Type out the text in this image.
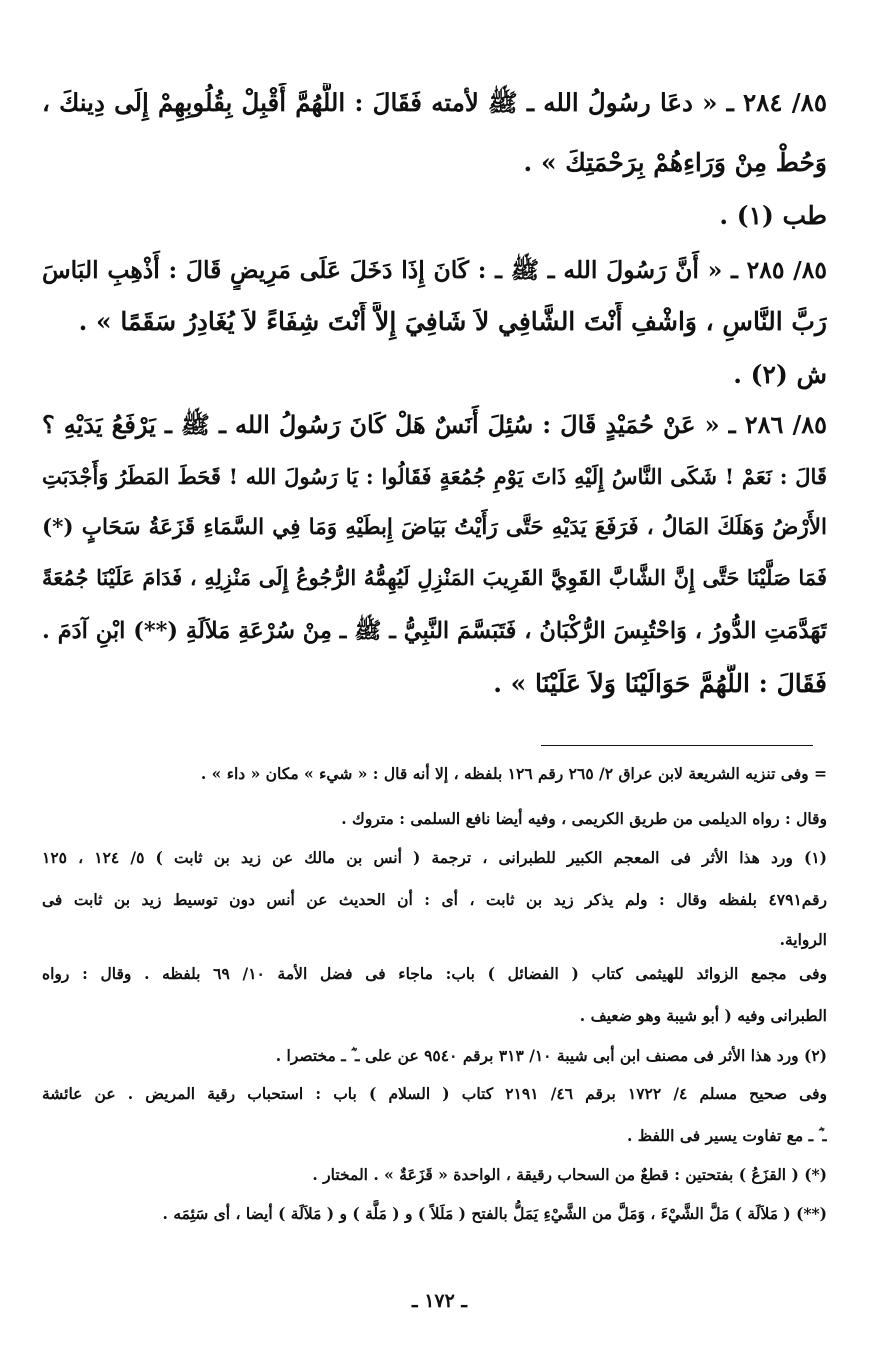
٨٥/ ٢٨٤ ـ « دعَا رسُولُ الله ـ ﷺ لأمته فَقَالَ : اللَّهُمَّ أَقْبِلْ بِقُلُوبِهِمْ إِلَى دِينكَ ،
وَحُطْ مِنْ وَرَاءِهُمْ بِرَحْمَتِكَ » .
طب (١) .
٨٥/ ٢٨٥ ـ « أَنَّ رَسُولَ الله ـ ﷺ ـ : كَانَ إِذَا دَخَلَ عَلَى مَرِيضٍ قَالَ : أَذْهِبِ البَاسَ
رَبَّ النَّاسِ ، وَاشْفِ أَنْتَ الشَّافِي لاَ شَافِيَ إِلاَّ أَنْتَ شِفَاءً لاَ يُغَادِرُ سَقَمًا » .
ش (٢) .
٨٥/ ٢٨٦ ـ « عَنْ حُمَيْدٍ قَالَ : سُئِلَ أَنَسٌ هَلْ كَانَ رَسُولُ الله ـ ﷺ ـ يَرْفَعُ يَدَيْهِ ؟
قَالَ : نَعَمْ ! شَكَى النَّاسُ إِلَيْهِ ذَاتَ يَوْمِ جُمُعَةٍ فَقَالُوا : يَا رَسُولَ الله ! قَحَطَ المَطَرُ وَأَجْدَبَتِ
الأَرْضُ وَهَلَكَ المَالُ ، فَرَفَعَ يَدَيْهِ حَتَّى رَأَيْتُ بَيَاضَ إِبطَيْهِ وَمَا فِي السَّمَاءِ قَزَعَةُ سَحَابٍ (*)
فَمَا صَلَّيْنَا حَتَّى إِنَّ الشَّابَّ القَوِيَّ القَرِيبَ المَنْزِلِ لَيُهِمُّهُ الرُّجُوعُ إِلَى مَنْزِلِهِ ، فَدَامَ عَلَيْنَا جُمُعَةً
تَهَدَّمَتِ الدُّورُ ، وَاحْتُبِسَ الرُّكْبَانُ ، فَتَبَسَّمَ النَّبِيُّ ـ ﷺ ـ مِنْ سُرْعَةِ مَلاَلَةِ (**) ابْنِ آدَمَ .
فَقَالَ : اللَّهُمَّ حَوَالَيْنَا وَلاَ عَلَيْنَا » .
= وفى تنزيه الشريعة لابن عراق ٢/ ٢٦٥ رقم ١٢٦ بلفظه ، إلا أنه قال : « شيء » مكان « داء » .
وقال : رواه الديلمى من طريق الكريمى ، وفيه أيضا نافع السلمى : متروك .
(١) ورد هذا الأثر فى المعجم الكبير للطبرانى ، ترجمة ( أنس بن مالك عن زيد بن ثابت ) ٥/ ١٢٤ ، ١٢٥
رقم٤٧٩١ بلفظه وقال : ولم يذكر زيد بن ثابت ، أى : أن الحديث عن أنس دون توسيط زيد بن ثابت فى
الرواية.
وفى مجمع الزوائد للهيثمى كتاب ( الفضائل ) باب: ماجاء فى فضل الأمة ١٠/ ٦٩ بلفظه . وقال : رواه
الطبرانى وفيه ( أبو شيبة وهو ضعيف .
(٢) ورد هذا الأثر فى مصنف ابن أبى شيبة ١٠/ ٣١٣ برقم ٩٥٤٠ عن على ـ ؓ ـ مختصرا .
وفى صحيح مسلم ٤/ ١٧٢٢ برقم ٤٦/ ٢١٩١ كتاب ( السلام ) باب : استحباب رقية المريض . عن عائشة
ـ ؓ ـ مع تفاوت يسير فى اللفظ .
(*) ( القزَعُ ) بفتحتين : قطعٌ من السحاب رقيقة ، الواحدة « قَزَعَةٌ » . المختار .
(**) ( مَلاَلَة ) مَلَّ الشَّيْءَ ، وَمَلَّ من الشَّيْءِ يَمَلُّ بالفتح ( مَلَلاً ) و ( مَلَّة ) و ( مَلاَلَة ) أيضا ، أى سَئِمَه .
ـ ١٧٢ ـ
